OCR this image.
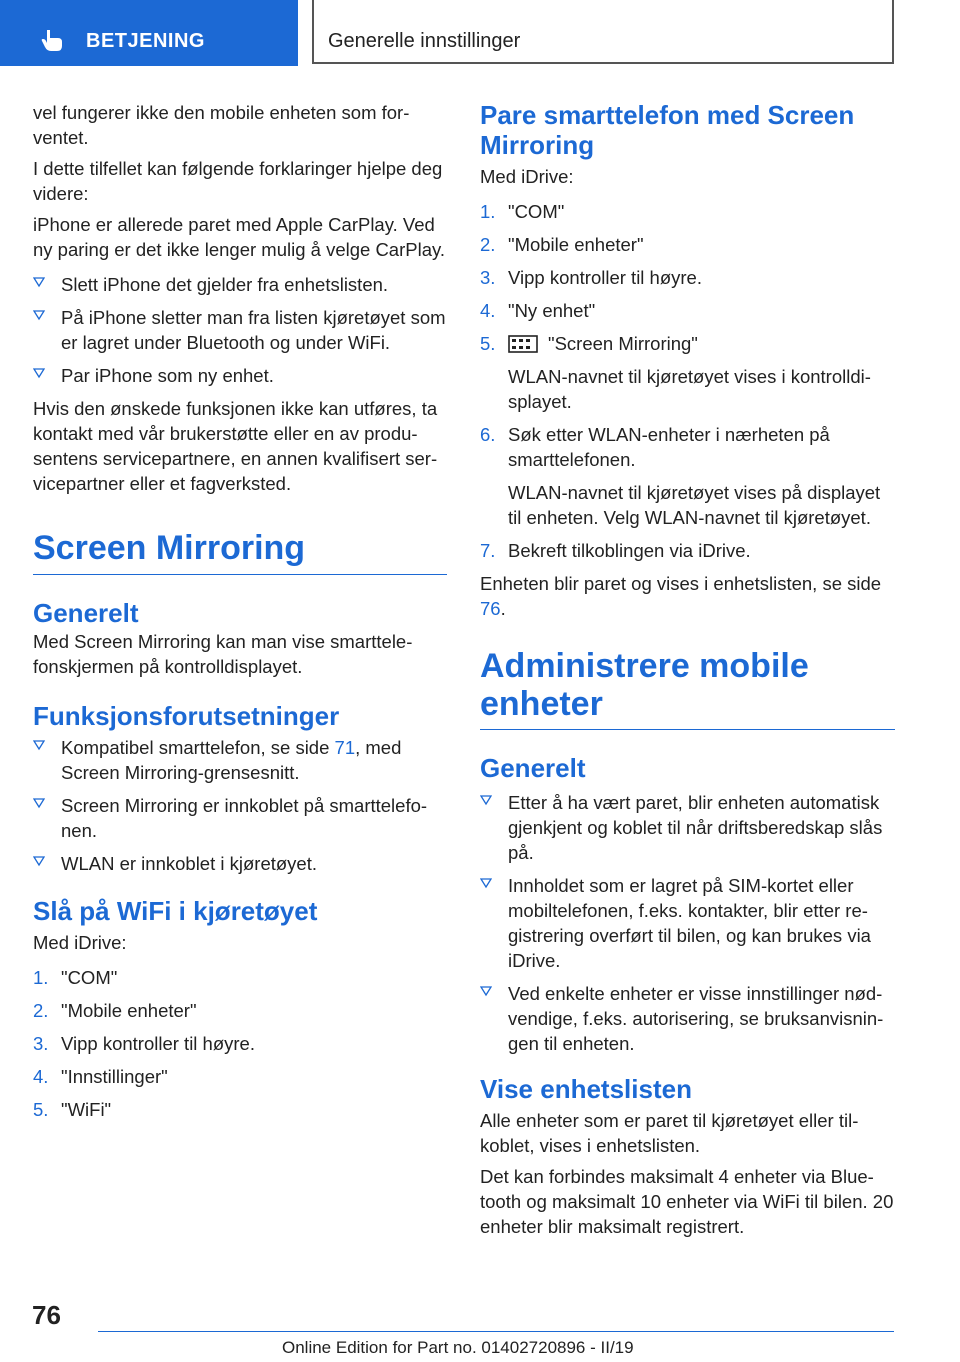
BETJENING	Generelle innstillinger

vel fungerer ikke den mobile enheten som forventet.

I dette tilfellet kan følgende forklaringer hjelpe deg videre:

iPhone er allerede paret med Apple CarPlay. Ved ny paring er det ikke lenger mulig å velge CarPlay.

Slett iPhone det gjelder fra enhetslisten.
På iPhone sletter man fra listen kjøretøyet som er lagret under Bluetooth og under WiFi.
Par iPhone som ny enhet.

Hvis den ønskede funksjonen ikke kan utføres, ta kontakt med vår brukerstøtte eller en av produsentens servicepartnere, en annen kvalifisert servicepartner eller et fagverksted.

Screen Mirroring
Generelt

Med Screen Mirroring kan man vise smarttelefonskjermen på kontrolldisplayet.

Funksjonsforutsetninger
Kompatibel smarttelefon, se side 71, med Screen Mirroring-grensesnitt.
Screen Mirroring er innkoblet på smarttelefonen.
WLAN er innkoblet i kjøretøyet.
Slå på WiFi i kjøretøyet

Med iDrive:

1. "COM"
2. "Mobile enheter"
3. Vipp kontroller til høyre.
4. "Innstillinger"
5. "WiFi"
Pare smarttelefon med Screen Mirroring

Med iDrive:

1. "COM"
2. "Mobile enheter"
3. Vipp kontroller til høyre.
4. "Ny enhet"
5.	"Screen Mirroring"
WLAN-navnet til kjøretøyet vises i kontrolldisplayet.
6. Søk etter WLAN-enheter i nærheten på smarttelefonen.
WLAN-navnet til kjøretøyet vises på displayet til enheten. Velg WLAN-navnet til kjøretøyet.
7. Bekreft tilkoblingen via iDrive.

Enheten blir paret og vises i enhetslisten, se side 76.

Administrere mobile enheter
Generelt
Etter å ha vært paret, blir enheten automatisk gjenkjent og koblet til når driftsberedskap slås på.
Innholdet som er lagret på SIM-kortet eller mobiltelefonen, f.eks. kontakter, blir etter registrering overført til bilen, og kan brukes via iDrive.
Ved enkelte enheter er visse innstillinger nødvendige, f.eks. autorisering, se bruksanvisningen til enheten.
Vise enhetslisten

Alle enheter som er paret til kjøretøyet eller tilkoblet, vises i enhetslisten.

Det kan forbindes maksimalt 4 enheter via Bluetooth og maksimalt 10 enheter via WiFi til bilen. 20 enheter blir maksimalt registrert.

76
Online Edition for Part no. 01402720896 - II/19
